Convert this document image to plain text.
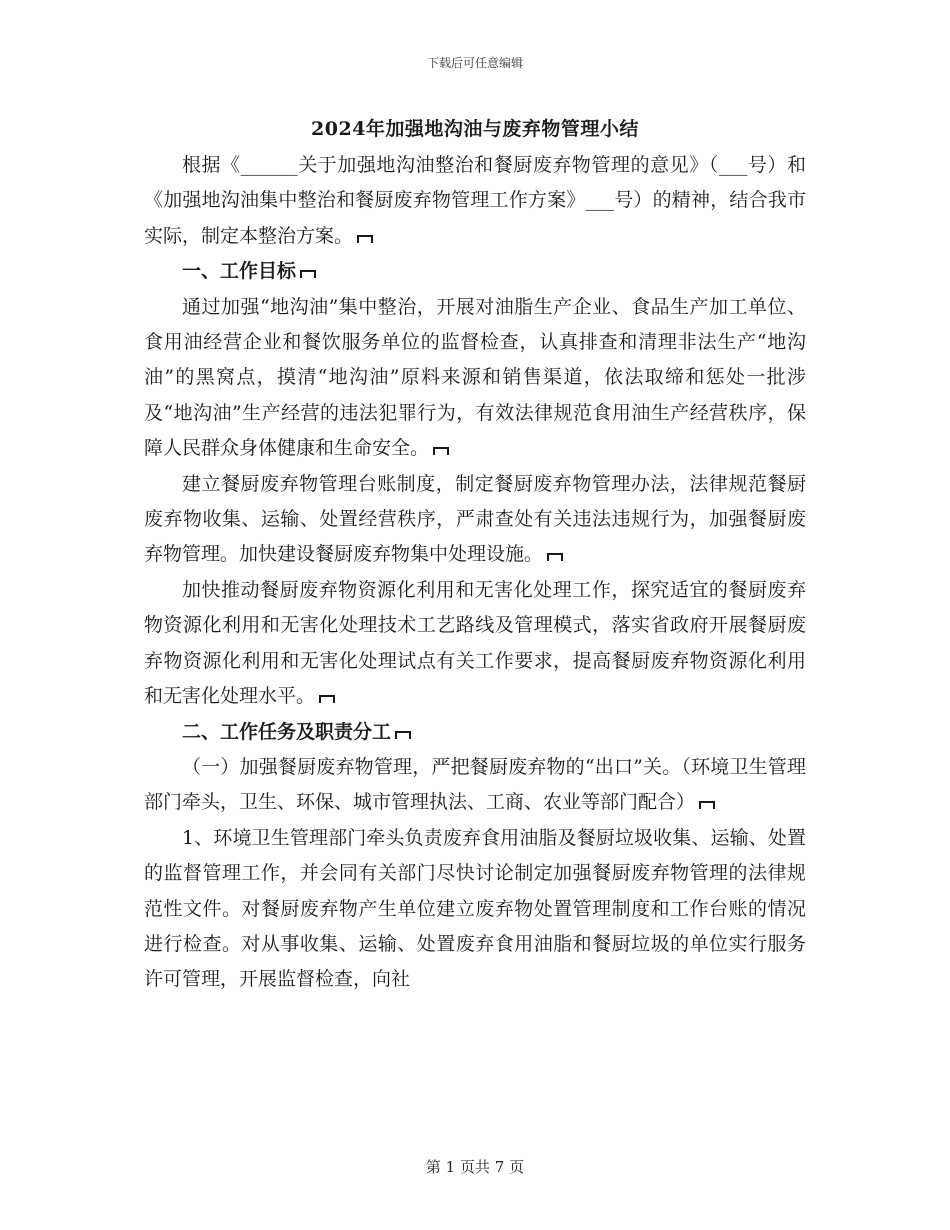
下载后可任意编辑
2024年加强地沟油与废弃物管理小结

根据《______关于加强地沟油整治和餐厨废弃物管理的意见》（___号）和《加强地沟油集中整治和餐厨废弃物管理工作方案》___号）的精神，结合我市实际，制定本整治方案。

一、工作目标

通过加强“地沟油”集中整治，开展对油脂生产企业、食品生产加工单位、食用油经营企业和餐饮服务单位的监督检查，认真排查和清理非法生产“地沟油”的黑窝点，摸清“地沟油”原料来源和销售渠道，依法取缔和惩处一批涉及“地沟油”生产经营的违法犯罪行为，有效法律规范食用油生产经营秩序，保障人民群众身体健康和生命安全。

建立餐厨废弃物管理台账制度，制定餐厨废弃物管理办法，法律规范餐厨废弃物收集、运输、处置经营秩序，严肃查处有关违法违规行为，加强餐厨废弃物管理。加快建设餐厨废弃物集中处理设施。

加快推动餐厨废弃物资源化利用和无害化处理工作，探究适宜的餐厨废弃物资源化利用和无害化处理技术工艺路线及管理模式，落实省政府开展餐厨废弃物资源化利用和无害化处理试点有关工作要求，提高餐厨废弃物资源化利用和无害化处理水平。

二、工作任务及职责分工

（一）加强餐厨废弃物管理，严把餐厨废弃物的“出口”关。（环境卫生管理部门牵头，卫生、环保、城市管理执法、工商、农业等部门配合）

1、环境卫生管理部门牵头负责废弃食用油脂及餐厨垃圾收集、运输、处置的监督管理工作，并会同有关部门尽快讨论制定加强餐厨废弃物管理的法律规范性文件。对餐厨废弃物产生单位建立废弃物处置管理制度和工作台账的情况进行检查。对从事收集、运输、处置废弃食用油脂和餐厨垃圾的单位实行服务许可管理，开展监督检查，向社

第 1 页共 7 页
